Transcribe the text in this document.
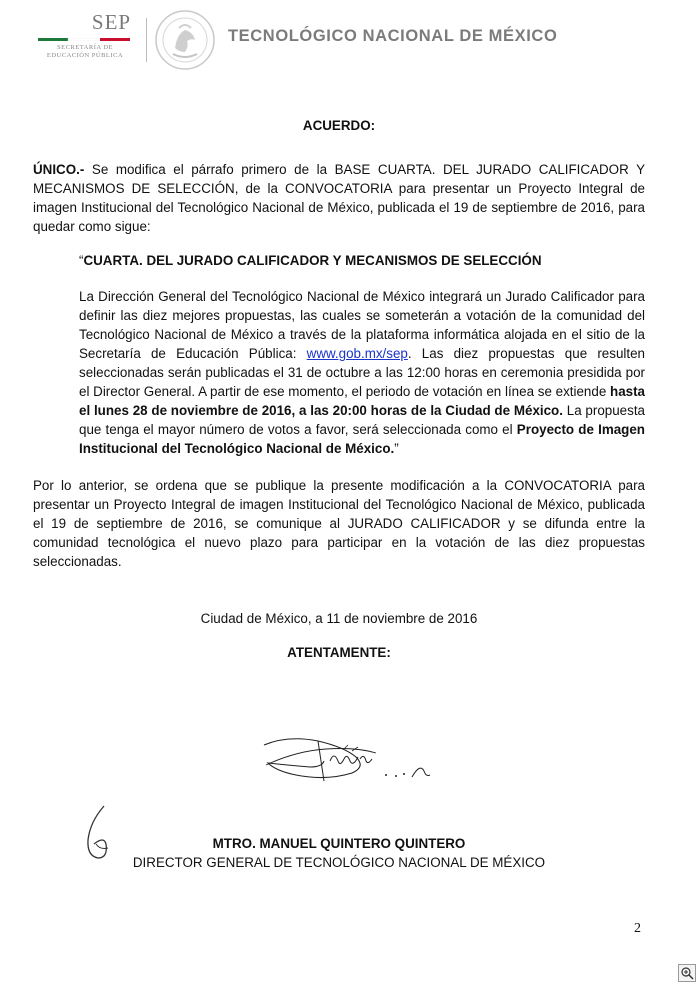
SEP
SECRETARÍA DE
EDUCACIÓN PÚBLICA
TECNOLÓGICO NACIONAL DE MÉXICO
ACUERDO:
ÚNICO.- Se modifica el párrafo primero de la BASE CUARTA. DEL JURADO CALIFICADOR Y MECANISMOS DE SELECCIÓN, de la CONVOCATORIA para presentar un Proyecto Integral de imagen Institucional del Tecnológico Nacional de México, publicada el 19 de septiembre de 2016, para quedar como sigue:
“CUARTA. DEL JURADO CALIFICADOR Y MECANISMOS DE SELECCIÓN
La Dirección General del Tecnológico Nacional de México integrará un Jurado Calificador para definir las diez mejores propuestas, las cuales se someterán a votación de la comunidad del Tecnológico Nacional de México a través de la plataforma informática alojada en el sitio de la Secretaría de Educación Pública: www.gob.mx/sep. Las diez propuestas que resulten seleccionadas serán publicadas el 31 de octubre a las 12:00 horas en ceremonia presidida por el Director General. A partir de ese momento, el periodo de votación en línea se extiende hasta el lunes 28 de noviembre de 2016, a las 20:00 horas de la Ciudad de México. La propuesta que tenga el mayor número de votos a favor, será seleccionada como el Proyecto de Imagen Institucional del Tecnológico Nacional de México.”
Por lo anterior, se ordena que se publique la presente modificación a la CONVOCATORIA para presentar un Proyecto Integral de imagen Institucional del Tecnológico Nacional de México, publicada el 19 de septiembre de 2016, se comunique al JURADO CALIFICADOR y se difunda entre la comunidad tecnológica el nuevo plazo para participar en la votación de las diez propuestas seleccionadas.
Ciudad de México, a 11 de noviembre de 2016
ATENTAMENTE:
MTRO. MANUEL QUINTERO QUINTERO
DIRECTOR GENERAL DE TECNOLÓGICO NACIONAL DE MÉXICO
2
